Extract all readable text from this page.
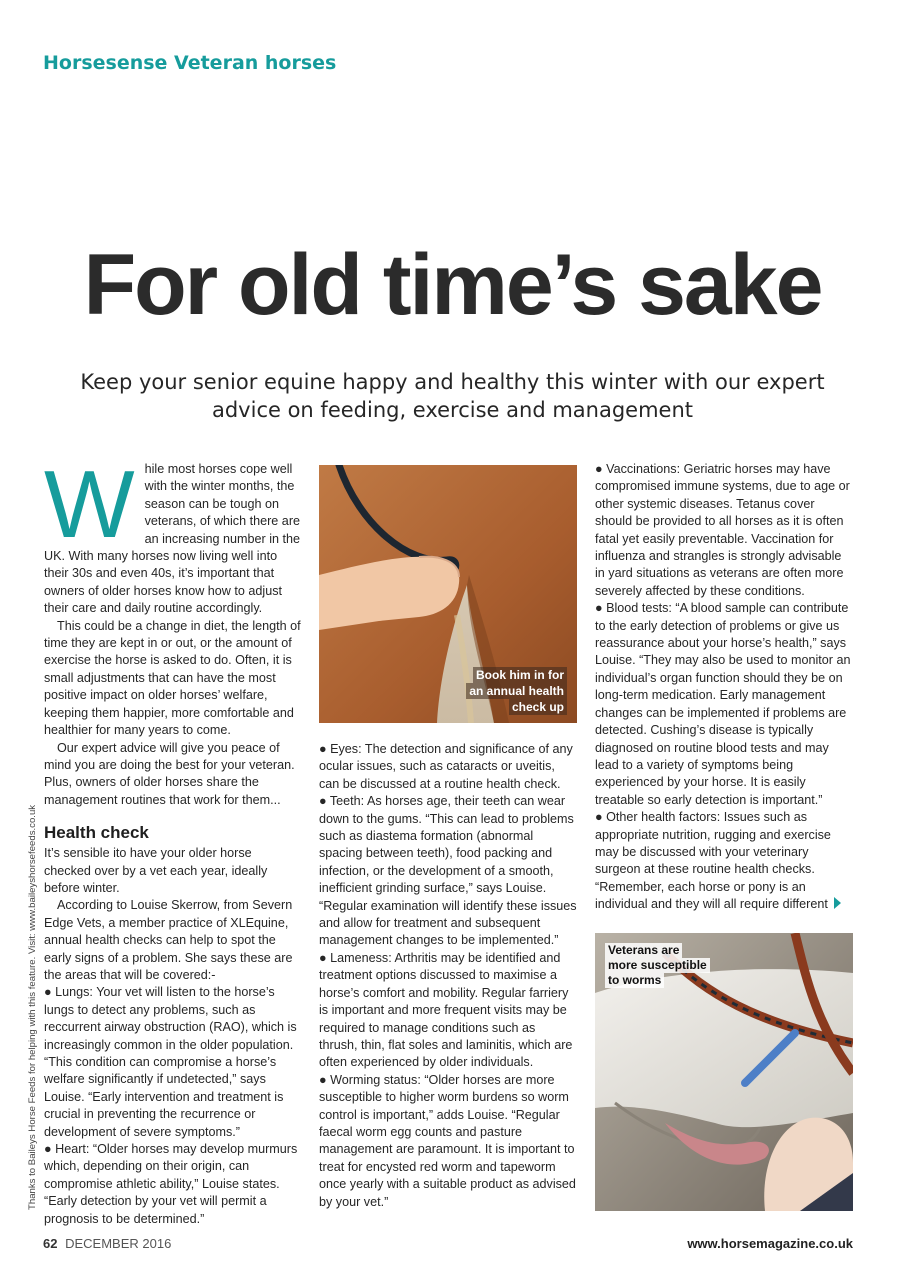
Horsesense Veteran horses
For old time’s sake
Keep your senior equine happy and healthy this winter with our expert advice on feeding, exercise and management
Thanks to Baileys Horse Feeds for helping with this feature. Visit: www.baileyshorsefeeds.co.uk
W hile most horses cope well with the winter months, the season can be tough on veterans, of which there are an increasing number in the UK. With many horses now living well into their 30s and even 40s, it’s important that owners of older horses know how to adjust their care and daily routine accordingly.

This could be a change in diet, the length of time they are kept in or out, or the amount of exercise the horse is asked to do. Often, it is small adjustments that can have the most positive impact on older horses’ welfare, keeping them happier, more comfortable and healthier for many years to come.

Our expert advice will give you peace of mind you are doing the best for your veteran. Plus, owners of older horses share the management routines that work for them...

Health check

It’s sensible ito have your older horse checked over by a vet each year, ideally before winter.

According to Louise Skerrow, from Severn Edge Vets, a member practice of XLEquine, annual health checks can help to spot the early signs of a problem. She says these are the areas that will be covered:-

● Lungs: Your vet will listen to the horse’s lungs to detect any problems, such as reccurrent airway obstruction (RAO), which is increasingly common in the older population. “This condition can compromise a horse’s welfare significantly if undetected,” says Louise. “Early intervention and treatment is crucial in preventing the recurrence or development of severe symptoms.”

● Heart: “Older horses may develop murmurs which, depending on their origin, can compromise athletic ability,” Louise states. “Early detection by your vet will permit a prognosis to be determined.”

Book him in for
an annual health
check up

● Eyes: The detection and significance of any ocular issues, such as cataracts or uveitis, can be discussed at a routine health check.

● Teeth: As horses age, their teeth can wear down to the gums. “This can lead to problems such as diastema formation (abnormal spacing between teeth), food packing and infection, or the development of a smooth, inefficient grinding surface,” says Louise. “Regular examination will identify these issues and allow for treatment and subsequent management changes to be implemented.”

● Lameness: Arthritis may be identified and treatment options discussed to maximise a horse’s comfort and mobility. Regular farriery is important and more frequent visits may be required to manage conditions such as thrush, thin, flat soles and laminitis, which are often experienced by older individuals.

● Worming status: “Older horses are more susceptible to higher worm burdens so worm control is important,” adds Louise. “Regular faecal worm egg counts and pasture management are paramount. It is important to treat for encysted red worm and tapeworm once yearly with a suitable product as advised by your vet.”

● Vaccinations: Geriatric horses may have compromised immune systems, due to age or other systemic diseases. Tetanus cover should be provided to all horses as it is often fatal yet easily preventable. Vaccination for influenza and strangles is strongly advisable in yard situations as veterans are often more severely affected by these conditions.

● Blood tests: “A blood sample can contribute to the early detection of problems or give us reassurance about your horse’s health,” says Louise. “They may also be used to monitor an individual’s organ function should they be on long-term medication. Early management changes can be implemented if problems are detected. Cushing’s disease is typically diagnosed on routine blood tests and may lead to a variety of symptoms being experienced by your horse. It is easily treatable so early detection is important.”

● Other health factors: Issues such as appropriate nutrition, rugging and exercise may be discussed with your veterinary surgeon at these routine health checks. “Remember, each horse or pony is an individual and they will all require different

Veterans are
more susceptible
to worms
62 DECEMBER 2016	www.horsemagazine.co.uk
